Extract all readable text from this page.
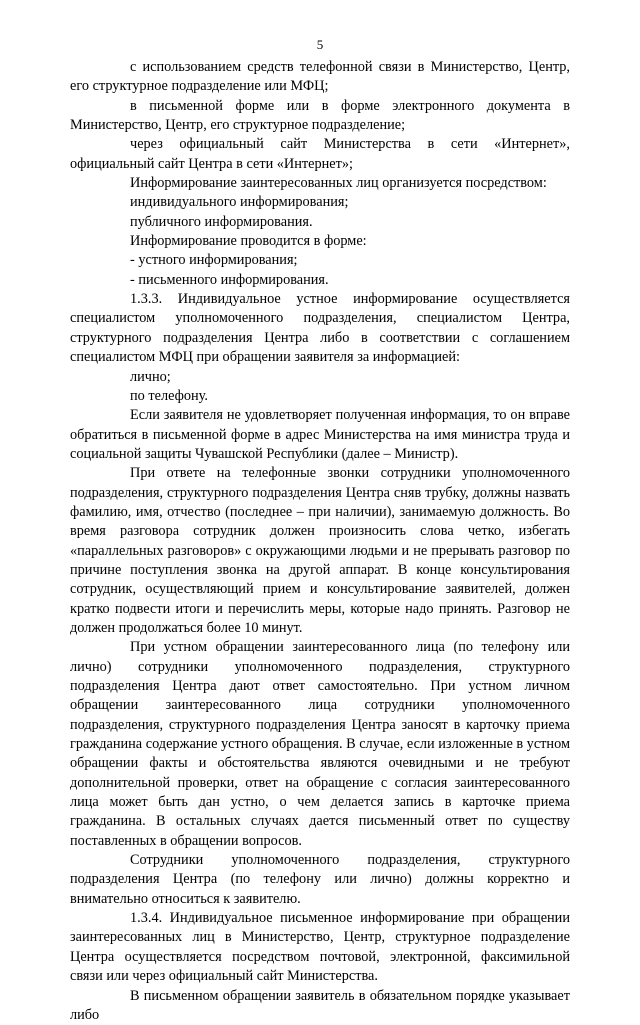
5

с использованием средств телефонной связи в Министерство, Центр, его структурное подразделение или МФЦ;

в письменной форме или в форме электронного документа в Министерство, Центр, его структурное подразделение;

через официальный сайт Министерства в сети «Интернет», официальный сайт Центра в сети «Интернет»;

Информирование заинтересованных лиц организуется посредством:

индивидуального информирования;

публичного информирования.

Информирование проводится в форме:

- устного информирования;

- письменного информирования.

1.3.3. Индивидуальное устное информирование осуществляется специалистом уполномоченного подразделения, специалистом Центра, структурного подразделения Центра либо в соответствии с соглашением специалистом МФЦ при обращении заявителя за информацией:

лично;

по телефону.

Если заявителя не удовлетворяет полученная информация, то он вправе обратиться в письменной форме в адрес Министерства на имя министра труда и социальной защиты Чувашской Республики (далее – Министр).

При ответе на телефонные звонки сотрудники уполномоченного подразделения, структурного подразделения Центра сняв трубку, должны назвать фамилию, имя, отчество (последнее – при наличии), занимаемую должность. Во время разговора сотрудник должен произносить слова четко, избегать «параллельных разговоров» с окружающими людьми и не прерывать разговор по причине поступления звонка на другой аппарат. В конце консультирования сотрудник, осуществляющий прием и консультирование заявителей, должен кратко подвести итоги и перечислить меры, которые надо принять. Разговор не должен продолжаться более 10 минут.

При устном обращении заинтересованного лица (по телефону или лично) сотрудники уполномоченного подразделения, структурного подразделения Центра дают ответ самостоятельно. При устном личном обращении заинтересованного лица сотрудники уполномоченного подразделения, структурного подразделения Центра заносят в карточку приема гражданина содержание устного обращения. В случае, если изложенные в устном обращении факты и обстоятельства являются очевидными и не требуют дополнительной проверки, ответ на обращение с согласия заинтересованного лица может быть дан устно, о чем делается запись в карточке приема гражданина. В остальных случаях дается письменный ответ по существу поставленных в обращении вопросов.

Сотрудники уполномоченного подразделения, структурного подразделения Центра (по телефону или лично) должны корректно и внимательно относиться к заявителю.

1.3.4. Индивидуальное письменное информирование при обращении заинтересованных лиц в Министерство, Центр, структурное подразделение Центра осуществляется посредством почтовой, электронной, факсимильной связи или через официальный сайт Министерства.

В письменном обращении заявитель в обязательном порядке указывает либо
